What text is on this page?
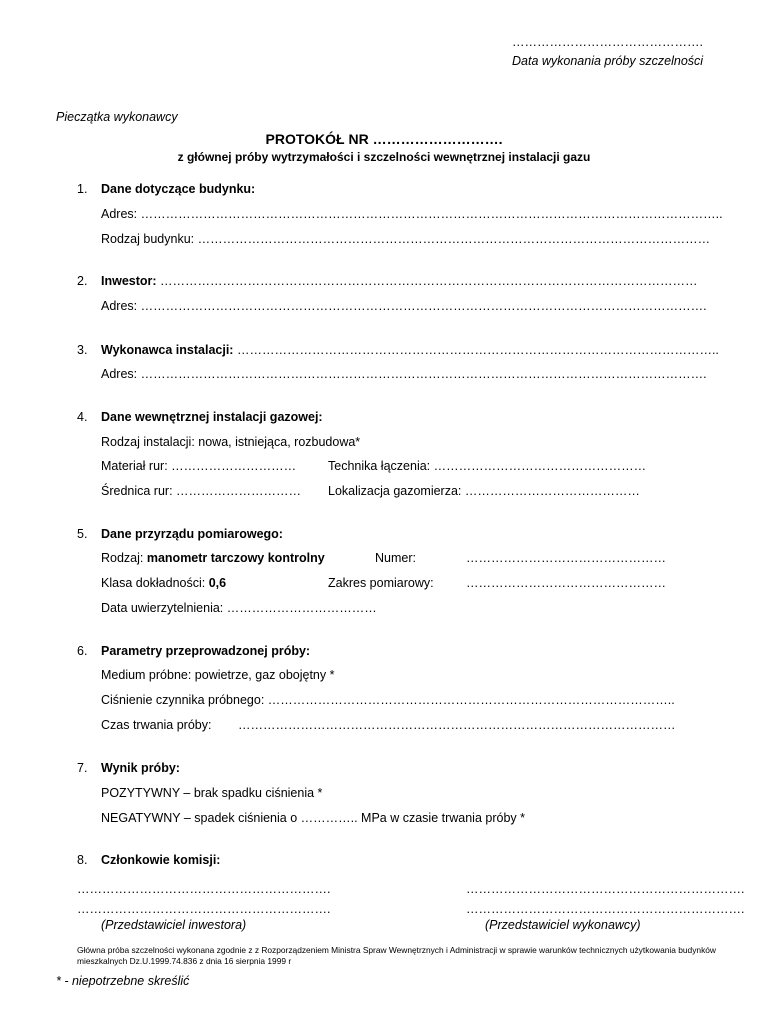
……………………………………….
Data wykonania próby szczelności
Pieczątka wykonawcy
PROTOKÓŁ NR ……………………….
z głównej próby wytrzymałości i szczelności wewnętrznej instalacji gazu
1. Dane dotyczące budynku:
Adres: …………………………………………………………………………………………………………………………..
Rodzaj budynku: ……………………………………………………………………………………………………………
2. Inwestor: …………………………………………………………………………………………………………………
Adres: ……………………………………………………………………………………………………………………….
3. Wykonawca instalacji: ……………………………………………………………………………………………………..
Adres: ……………………………………………………………………………………………………………………….
4. Dane wewnętrznej instalacji gazowej:
Rodzaj instalacji: nowa, istniejąca, rozbudowa*
Materiał rur: …………………………	Technika łączenia: ……………………………………………
Średnica rur: ………………………… Lokalizacja gazomierza: ……………………………………
5. Dane przyrządu pomiarowego:
Rodzaj: manometr tarczowy kontrolny	Numer:	…………………………………………
Klasa dokładności: 0,6	Zakres pomiarowy:	…………………………………………
Data uwierzytelnienia: ………………………………
6. Parametry przeprowadzonej próby:
Medium próbne: powietrze, gaz obojętny *
Ciśnienie czynnika próbnego: ……………………………………………………………………………………..
Czas trwania próby: ……………………………………………………………………………………………
7. Wynik próby:
POZYTYWNY – brak spadku ciśnienia *
NEGATYWNY – spadek ciśnienia o ………….. MPa w czasie trwania próby *
8. Członkowie komisji:
…………………………………………………….
…………………………………………………….
………………………………………………………….
………………………………………………………….
(Przedstawiciel inwestora)	(Przedstawiciel wykonawcy)
Główna próba szczelności wykonana zgodnie z z Rozporządzeniem Ministra Spraw Wewnętrznych i Administracji w sprawie warunków technicznych użytkowania budynków mieszkalnych Dz.U.1999.74.836 z dnia 16 sierpnia 1999 r
* - niepotrzebne skreślić
